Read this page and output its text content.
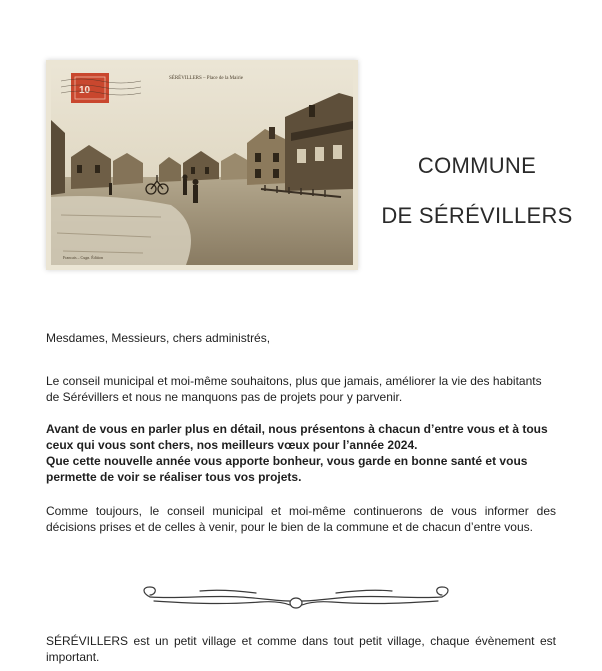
SÉRÉVILLERS – Place de la Mairie
Francais – Cugn. Édition
10
COMMUNE
DE SÉRÉVILLERS

Mesdames, Messieurs, chers administrés,

Le conseil municipal et moi-même souhaitons, plus que jamais, améliorer la vie des habitants de Sérévillers et nous ne manquons pas de projets pour y parvenir.

Avant de vous en parler plus en détail, nous présentons à chacun d’entre vous et à tous ceux qui vous sont chers, nos meilleurs vœux pour l’année 2024.

Que cette nouvelle année vous apporte bonheur, vous garde en bonne santé et vous permette de voir se réaliser tous vos projets.

Comme toujours, le conseil municipal et moi-même continuerons de vous informer des décisions prises et de celles à venir, pour le bien de la commune et de chacun d’entre vous.

SÉRÉVILLERS est un petit village et comme dans tout petit village, chaque évènement est important.
